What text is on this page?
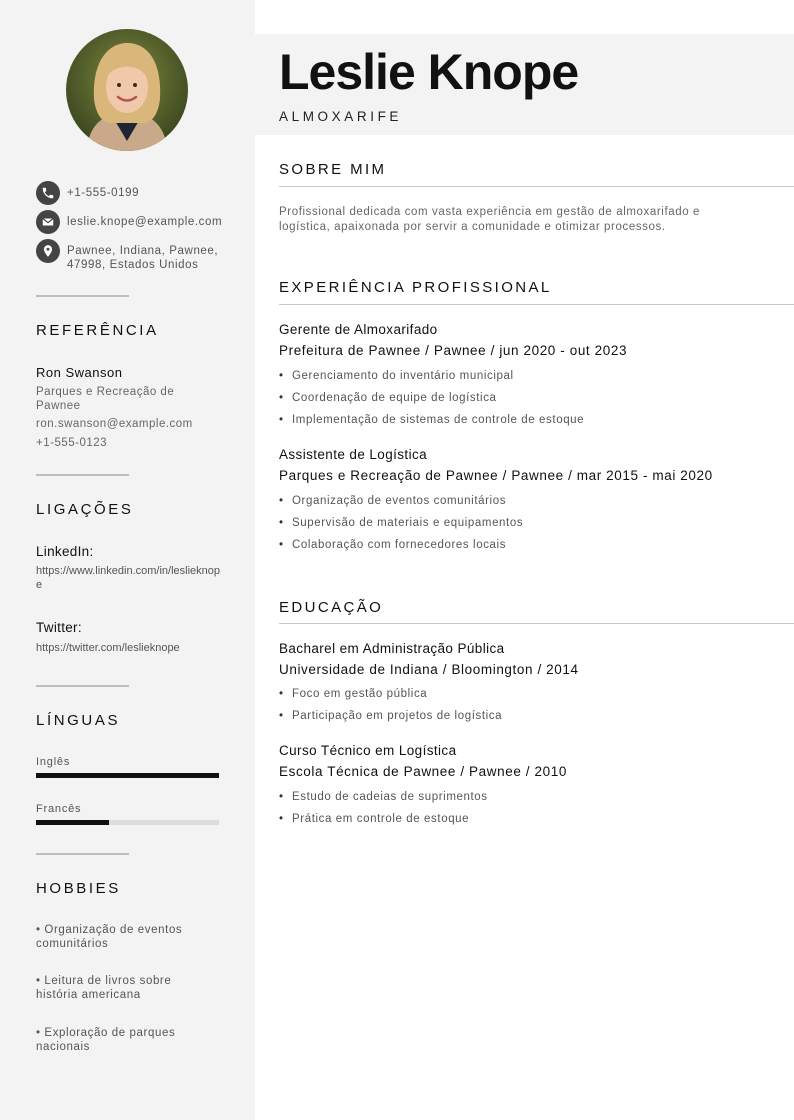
+1-555-0199
leslie.knope@example.com
Pawnee, Indiana, Pawnee,
47998, Estados Unidos
REFERÊNCIA
Ron Swanson
Parques e Recreação de
Pawnee
ron.swanson@example.com
+1-555-0123
LIGAÇÕES
LinkedIn:
https://www.linkedin.com/in/leslieknope
Twitter:
https://twitter.com/leslieknope
LÍNGUAS
Inglês
Francês
HOBBIES
• Organização de eventos
comunitários
• Leitura de livros sobre
história americana
• Exploração de parques
nacionais
Leslie Knope
ALMOXARIFE
SOBRE MIM
Profissional dedicada com vasta experiência em gestão de almoxarifado e logística, apaixonada por servir a comunidade e otimizar processos.
EXPERIÊNCIA PROFISSIONAL
Gerente de Almoxarifado
Prefeitura de Pawnee / Pawnee / jun 2020 - out 2023
• Gerenciamento do inventário municipal
• Coordenação de equipe de logística
• Implementação de sistemas de controle de estoque
Assistente de Logística
Parques e Recreação de Pawnee / Pawnee / mar 2015 - mai 2020
• Organização de eventos comunitários
• Supervisão de materiais e equipamentos
• Colaboração com fornecedores locais
EDUCAÇÃO
Bacharel em Administração Pública
Universidade de Indiana / Bloomington / 2014
• Foco em gestão pública
• Participação em projetos de logística
Curso Técnico em Logística
Escola Técnica de Pawnee / Pawnee / 2010
• Estudo de cadeias de suprimentos
• Prática em controle de estoque
